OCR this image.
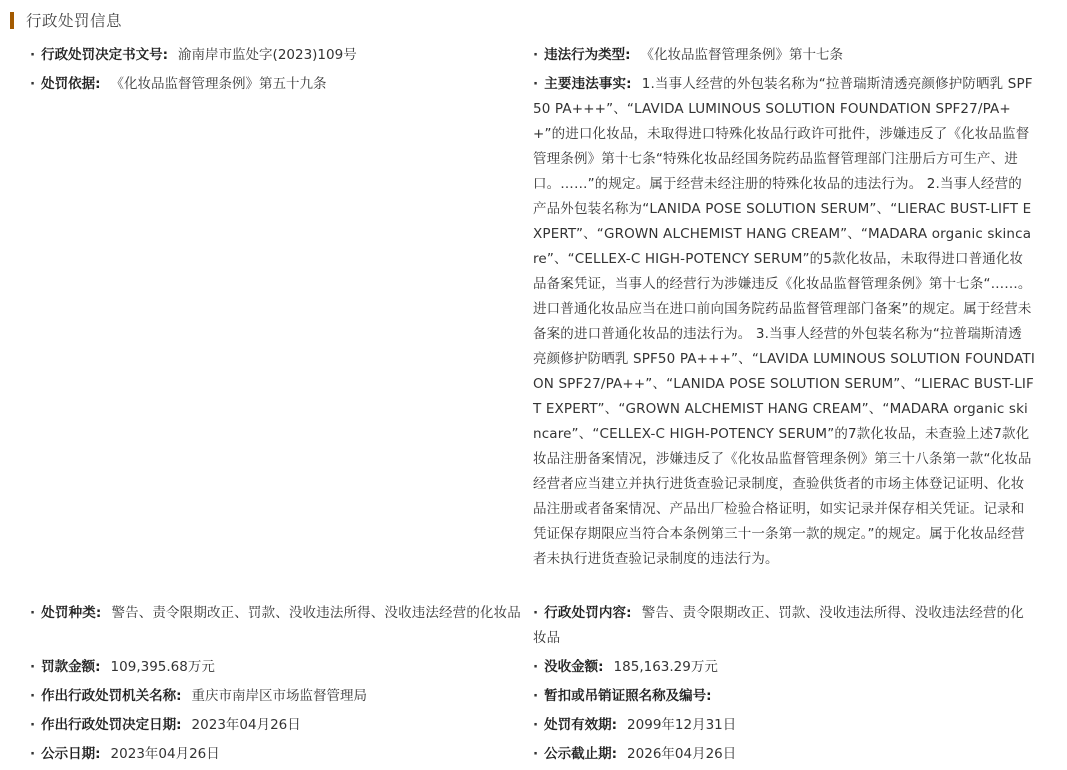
行政处罚信息
· 行政处罚决定书文号: 渝南岸市监处字(2023)109号
· 处罚依据: 《化妆品监督管理条例》第五十九条
· 处罚种类: 警告、责令限期改正、罚款、没收违法所得、没收违法经营的化妆品
· 罚款金额: 109,395.68万元
· 作出行政处罚机关名称: 重庆市南岸区市场监督管理局
· 作出行政处罚决定日期: 2023年04月26日
· 公示日期: 2023年04月26日
· 违法行为类型: 《化妆品监督管理条例》第十七条
· 主要违法事实: 1.当事人经营的外包装名称为“拉普瑞斯清透亮颜修护防晒乳 SPF50 PA+++”、“LAVIDA LUMINOUS SOLUTION FOUNDATION SPF27/PA++”的进口化妆品，未取得进口特殊化妆品行政许可批件，涉嫌违反了《化妆品监督管理条例》第十七条“特殊化妆品经国务院药品监督管理部门注册后方可生产、进口。……”的规定。属于经营未经注册的特殊化妆品的违法行为。 2.当事人经营的产品外包装名称为“LANIDA POSE SOLUTION SERUM”、“LIERAC BUST-LIFT EXPERT”、“GROWN ALCHEMIST HANG CREAM”、“MADARA organic skincare”、“CELLEX-C HIGH-POTENCY SERUM”的5款化妆品，未取得进口普通化妆品备案凭证，当事人的经营行为涉嫌违反《化妆品监督管理条例》第十七条“……。进口普通化妆品应当在进口前向国务院药品监督管理部门备案”的规定。属于经营未备案的进口普通化妆品的违法行为。 3.当事人经营的外包装名称为“拉普瑞斯清透亮颜修护防晒乳 SPF50 PA+++”、“LAVIDA LUMINOUS SOLUTION FOUNDATION SPF27/PA++”、“LANIDA POSE SOLUTION SERUM”、“LIERAC BUST-LIFT EXPERT”、“GROWN ALCHEMIST HANG CREAM”、“MADARA organic skincare”、“CELLEX-C HIGH-POTENCY SERUM”的7款化妆品，未查验上述7款化妆品注册备案情况，涉嫌违反了《化妆品监督管理条例》第三十八条第一款“化妆品经营者应当建立并执行进货查验记录制度，查验供货者的市场主体登记证明、化妆品注册或者备案情况、产品出厂检验合格证明，如实记录并保存相关凭证。记录和凭证保存期限应当符合本条例第三十一条第一款的规定。”的规定。属于化妆品经营者未执行进货查验记录制度的违法行为。
· 行政处罚内容: 警告、责令限期改正、罚款、没收违法所得、没收违法经营的化妆品
· 没收金额: 185,163.29万元
· 暂扣或吊销证照名称及编号:
· 处罚有效期: 2099年12月31日
· 公示截止期: 2026年04月26日
